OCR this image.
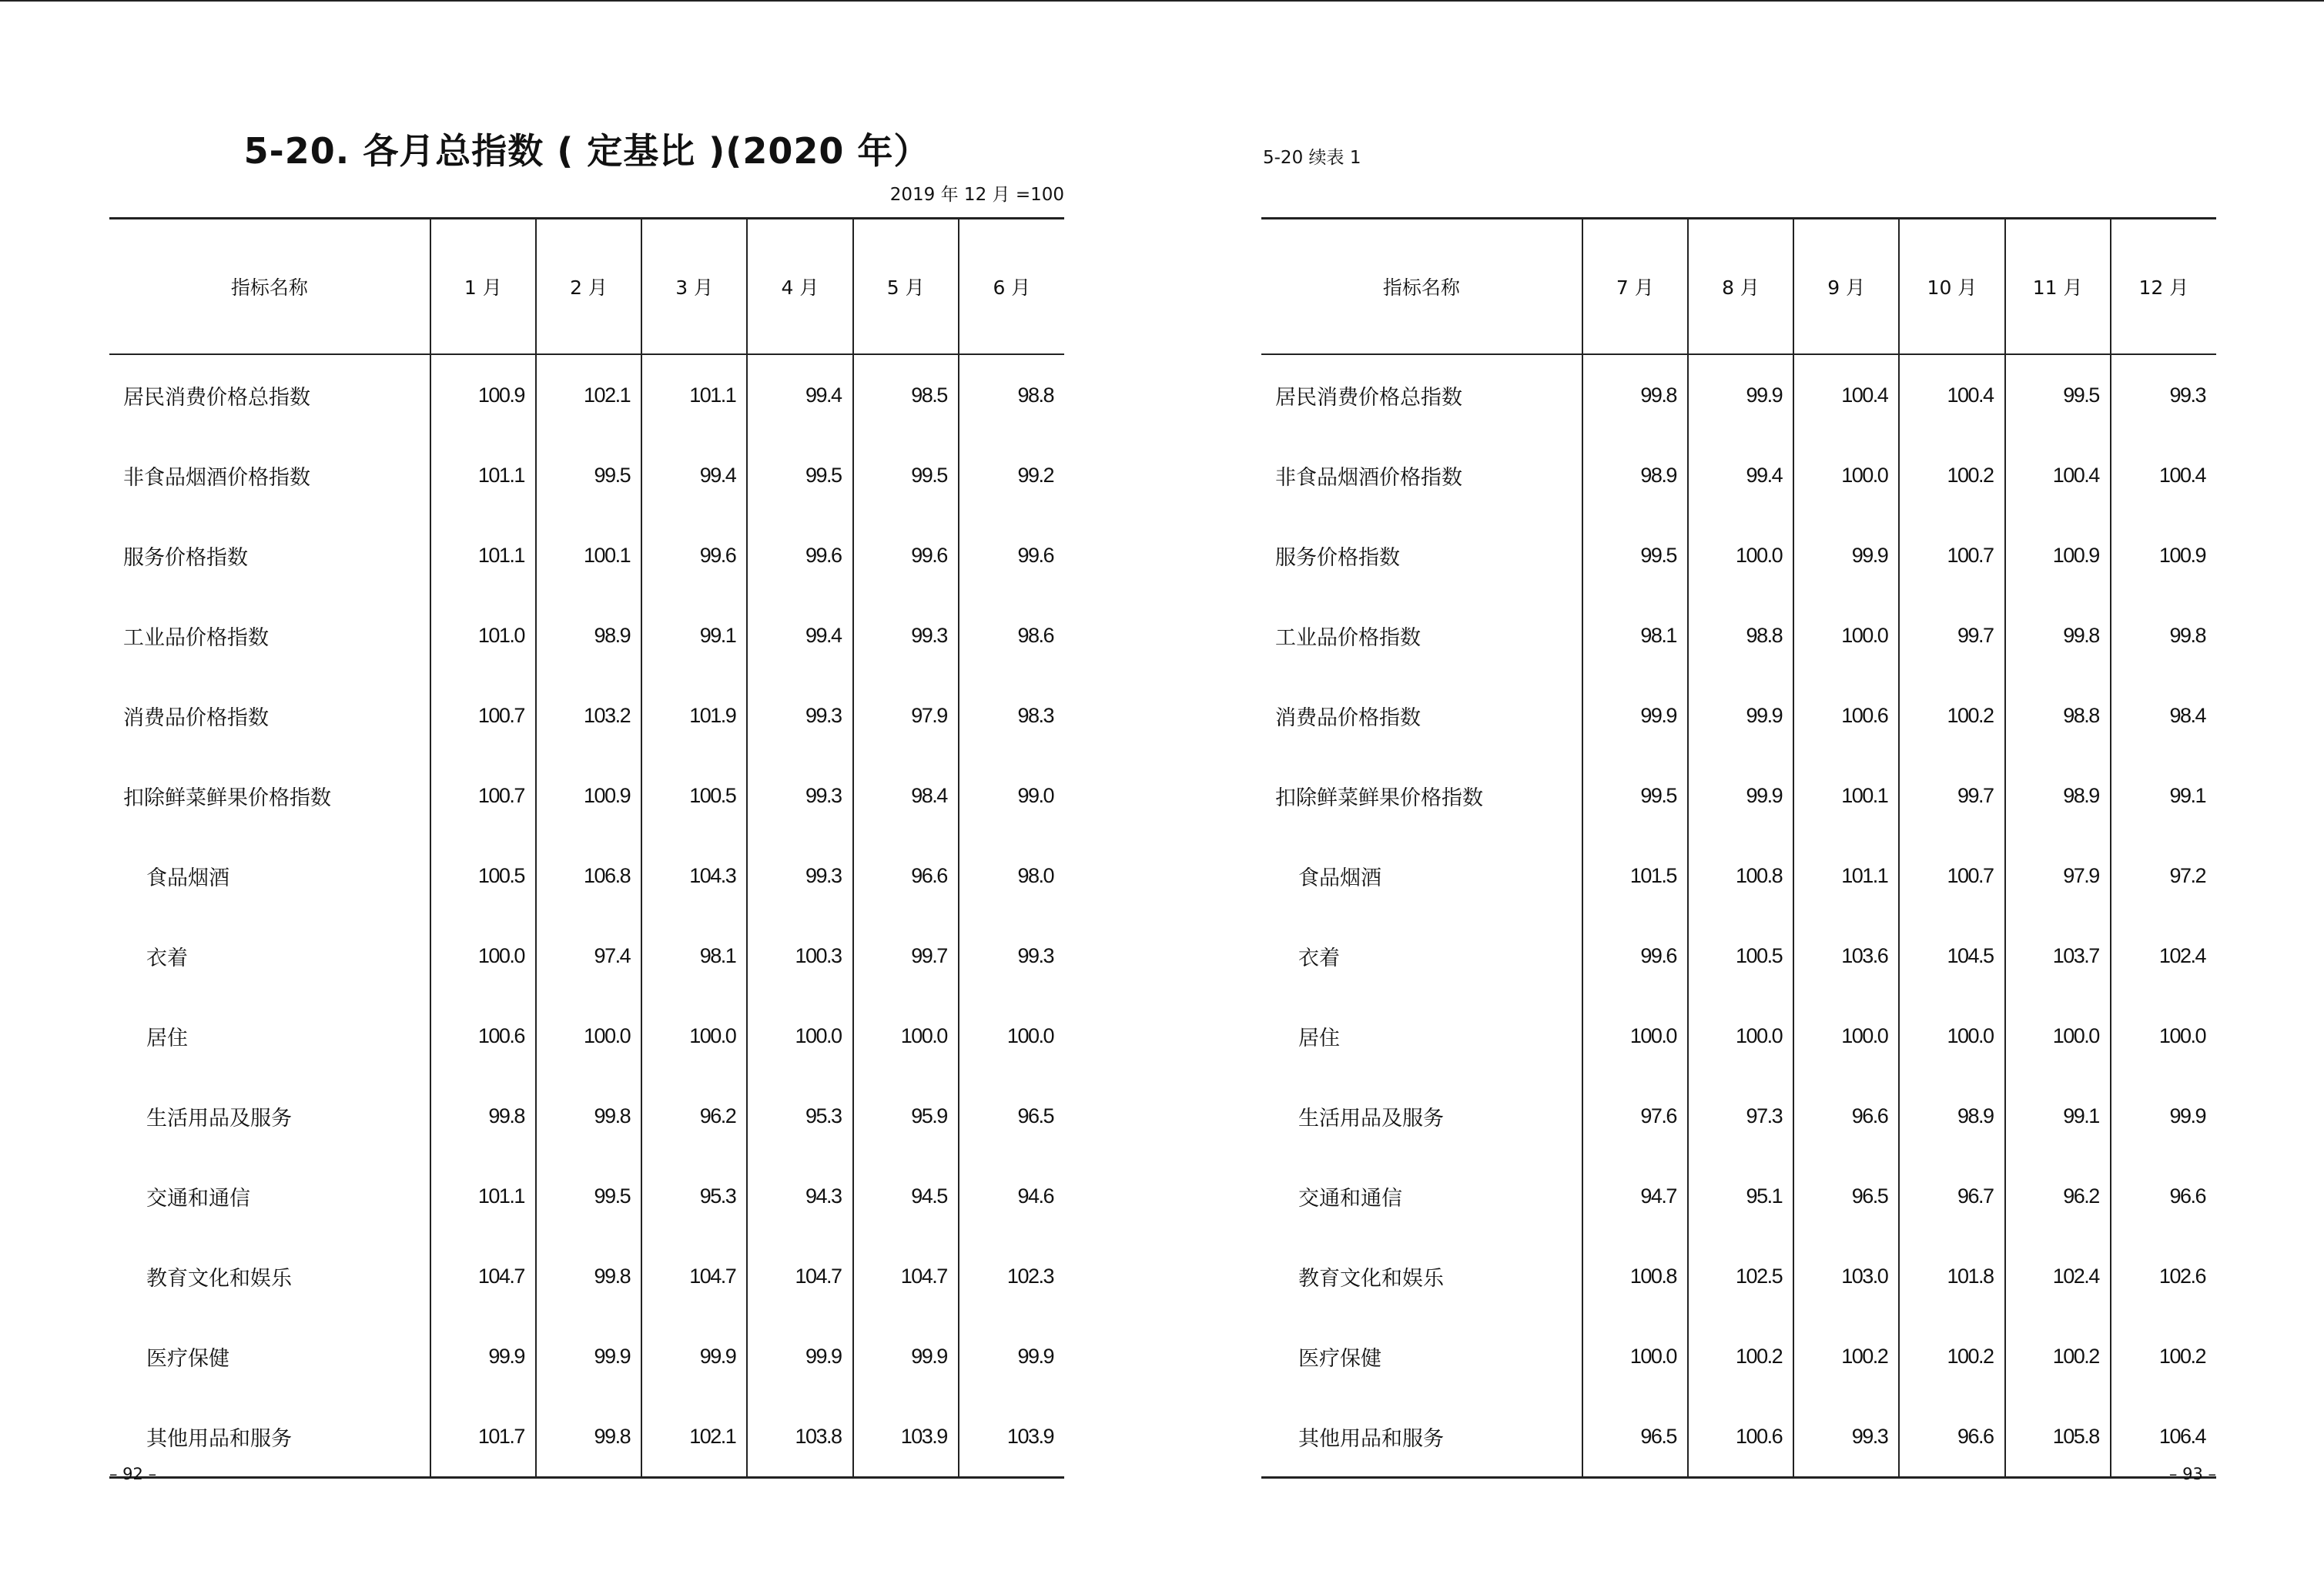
5-20. 各月总指数 ( 定基比 )(2020 年）
2019 年 12 月 =100
指标名称	1 月	2 月	3 月	4 月	5 月	6 月
居民消费价格总指数	100.9	102.1	101.1	99.4	98.5	98.8
非食品烟酒价格指数	101.1	99.5	99.4	99.5	99.5	99.2
服务价格指数	101.1	100.1	99.6	99.6	99.6	99.6
工业品价格指数	101.0	98.9	99.1	99.4	99.3	98.6
消费品价格指数	100.7	103.2	101.9	99.3	97.9	98.3
扣除鲜菜鲜果价格指数	100.7	100.9	100.5	99.3	98.4	99.0
食品烟酒	100.5	106.8	104.3	99.3	96.6	98.0
衣着	100.0	97.4	98.1	100.3	99.7	99.3
居住	100.6	100.0	100.0	100.0	100.0	100.0
生活用品及服务	99.8	99.8	96.2	95.3	95.9	96.5
交通和通信	101.1	99.5	95.3	94.3	94.5	94.6
教育文化和娱乐	104.7	99.8	104.7	104.7	104.7	102.3
医疗保健	99.9	99.9	99.9	99.9	99.9	99.9
其他用品和服务	101.7	99.8	102.1	103.8	103.9	103.9
– 92 –
5-20 续表 1
指标名称	7 月	8 月	9 月	10 月	11 月	12 月
居民消费价格总指数	99.8	99.9	100.4	100.4	99.5	99.3
非食品烟酒价格指数	98.9	99.4	100.0	100.2	100.4	100.4
服务价格指数	99.5	100.0	99.9	100.7	100.9	100.9
工业品价格指数	98.1	98.8	100.0	99.7	99.8	99.8
消费品价格指数	99.9	99.9	100.6	100.2	98.8	98.4
扣除鲜菜鲜果价格指数	99.5	99.9	100.1	99.7	98.9	99.1
食品烟酒	101.5	100.8	101.1	100.7	97.9	97.2
衣着	99.6	100.5	103.6	104.5	103.7	102.4
居住	100.0	100.0	100.0	100.0	100.0	100.0
生活用品及服务	97.6	97.3	96.6	98.9	99.1	99.9
交通和通信	94.7	95.1	96.5	96.7	96.2	96.6
教育文化和娱乐	100.8	102.5	103.0	101.8	102.4	102.6
医疗保健	100.0	100.2	100.2	100.2	100.2	100.2
其他用品和服务	96.5	100.6	99.3	96.6	105.8	106.4
– 93 –
